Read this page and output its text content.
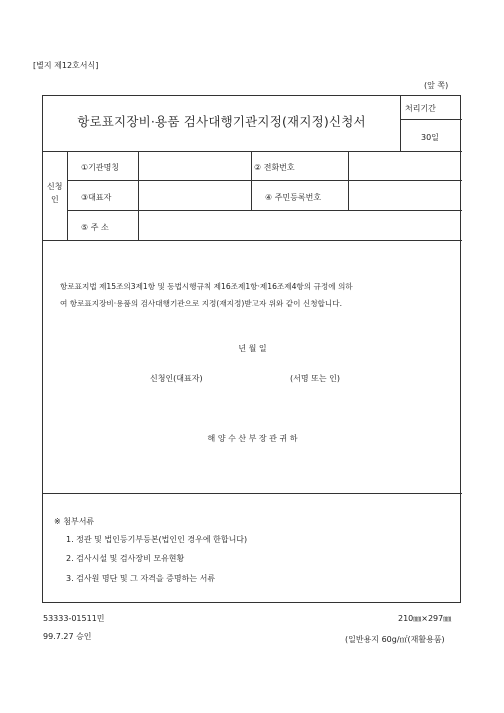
[별지 제12호서식]
(앞 쪽)
항로표지장비·용품 검사대행기관지정(재지정)신청서
처리기간
30일
신청
인
①기관명칭	② 전화번호
③대표자	④ 주민등록번호
⑤ 주 소
항로표지법 제15조의3제1항 및 동법시행규칙 제16조제1항·제16조제4항의 규정에 의하
여 항로표지장비·용품의 검사대행기관으로 지정(재지정)받고자 위와 같이 신청합니다.
년 월 일
신청인(대표자)	(서명 또는 인)
해 양 수 산 부 장 관 귀 하
※ 첨부서류
1. 정관 및 법인등기부등본(법인인 경우에 한합니다)
2. 검사시설 및 검사장비 모유현황
3. 검사원 명단 및 그 자격을 증명하는 서류
53333-01511민
99.7.27 승인
210㎜×297㎜
(일반용지 60g/㎡(재활용품)
